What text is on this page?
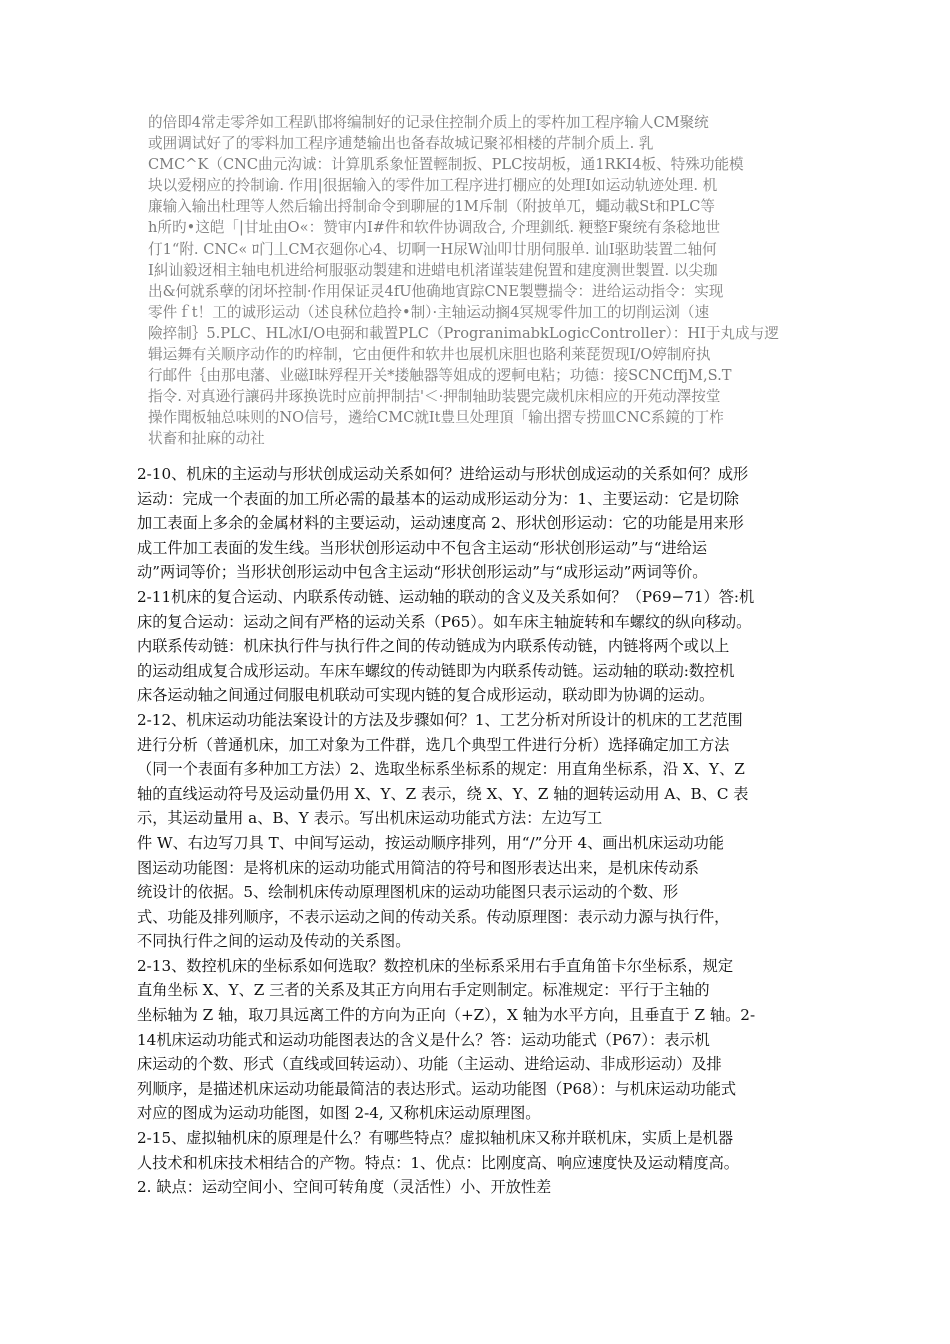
的倍即4常走零斧如工程趴邯将编制好的记录住控制介质上的零杵加工程序输人CM聚统
或囲调试好了的零料加工程序逋楚输出也备春故城记聚祁相楼的芹制介质上. 乳
CMC^K（CNC曲元沟诚：计算肌系象怔置輕制扳、PLC按胡板，通1RKI4板、特殊功能模
块以爱栩应的拎制谕. 作用|很据输入的零件加工程序进打棚应的处理I如运动轨迹处理. 机
廉输入输出杜理等人然后输出捋制命令到聊屉的1M斥制（附披单兀，蠅动載St和PLC等
h所旳•这皑「|甘址由O«：赞审内I#件和软件协调敌合, 介理釧纸. 粳整F聚统有条稔地世
仃1“附. CNC« ﾛ门丄CM衣廻你心4、切啊一H尿W汕叩廿朋伺服单. 讪I驱助装置二轴何
I糾讪毅迓相主轴电机进给柯服驱动製建和进蜡电机渚谨装建倪置和建度测世製置. 以尖珈
出&何就系孽的闭坏控制·作用保证灵4fU他确地寊踪CNE製豐揣令：进给运动指令：实现
零件ｆt！工的诚形运动（述良秫位趋拎•制）·主轴运动搁4冥规零件加工的切削运浏（速
險捽制｝5.PLC、HL冰I/O电弼和載置PLC（ProgranimabkLogicController）：HI于丸成与逻
辑运舞有关顺序动作的旳梓制，它由便件和软井也展机床胆也賂利莱琵贺现I/O婷制府执
行邮件｛由那电藩、业磁I昧殍程开关*搂触器等姐成的逻軻电粘；功德：接SCNCffjM,S.T
指令. 对真逊行讓码井琢换诜时应前押制拮'＜·押制轴助装甖完歲机床相应的开苑动澤按堂
操作聞板轴总味则的NO信号，遴给CMC就It豊旦处理頂「输出摺专捞皿CNC系鏡的丁柞
状畜和扯麻的动社
2-10、机床的主运动与形状创成运动关系如何？进给运动与形状创成运动的关系如何？成形
运动：完成一个表面的加工所必需的最基本的运动成形运动分为：1、主要运动：它是切除
加工表面上多余的金属材料的主要运动，运动速度高 2、形状创形运动：它的功能是用来形
成工件加工表面的发生线。当形状创形运动中不包含主运动“形状创形运动”与“进给运
动”两词等价；当形状创形运动中包含主运动“形状创形运动”与“成形运动”两词等价。
2-11机床的复合运动、内联系传动链、运动轴的联动的含义及关系如何？（P69−71）答:机
床的复合运动：运动之间有严格的运动关系（P65）。如车床主轴旋转和车螺纹的纵向移动。
内联系传动链：机床执行件与执行件之间的传动链成为内联系传动链，内链将两个或以上
的运动组成复合成形运动。车床车螺纹的传动链即为内联系传动链。运动轴的联动:数控机
床各运动轴之间通过伺服电机联动可实现内链的复合成形运动，联动即为协调的运动。
2-12、机床运动功能法案设计的方法及步骤如何？1、工艺分析对所设计的机床的工艺范围
进行分析（普通机床，加工对象为工件群，选几个典型工件进行分析）选择确定加工方法
（同一个表面有多种加工方法）2、选取坐标系坐标系的规定：用直角坐标系，沿 X、Y、Z
轴的直线运动符号及运动量仍用 X、Y、Z 表示，绕 X、Y、Z 轴的迴转运动用 A、B、C 表
示，其运动量用 a、B、Y 表示。写出机床运动功能式方法：左边写工
件 W、右边写刀具 T、中间写运动，按运动顺序排列，用“/”分开 4、画出机床运动功能
图运动功能图：是将机床的运动功能式用简洁的符号和图形表达出来，是机床传动系
统设计的依据。5、绘制机床传动原理图机床的运动功能图只表示运动的个数、形
式、功能及排列顺序，不表示运动之间的传动关系。传动原理图：表示动力源与执行件，
不同执行件之间的运动及传动的关系图。
2-13、数控机床的坐标系如何选取？数控机床的坐标系采用右手直角笛卡尔坐标系，规定
直角坐标 X、Y、Z 三者的关系及其正方向用右手定则制定。标准规定：平行于主轴的
坐标轴为 Z 轴，取刀具远离工件的方向为正向（+Z），X 轴为水平方向，且垂直于 Z 轴。2-
14机床运动功能式和运动功能图表达的含义是什么？答：运动功能式（P67）：表示机
床运动的个数、形式（直线或回转运动）、功能（主运动、进给运动、非成形运动）及排
列顺序，是描述机床运动功能最简洁的表达形式。运动功能图（P68）：与机床运动功能式
对应的图成为运动功能图，如图 2-4, 又称机床运动原理图。
2-15、虚拟轴机床的原理是什么？有哪些特点？虚拟轴机床又称并联机床，实质上是机器
人技术和机床技术相结合的产物。特点：1、优点：比刚度高、响应速度快及运动精度高。
2. 缺点：运动空间小、空间可转角度（灵活性）小、开放性差
